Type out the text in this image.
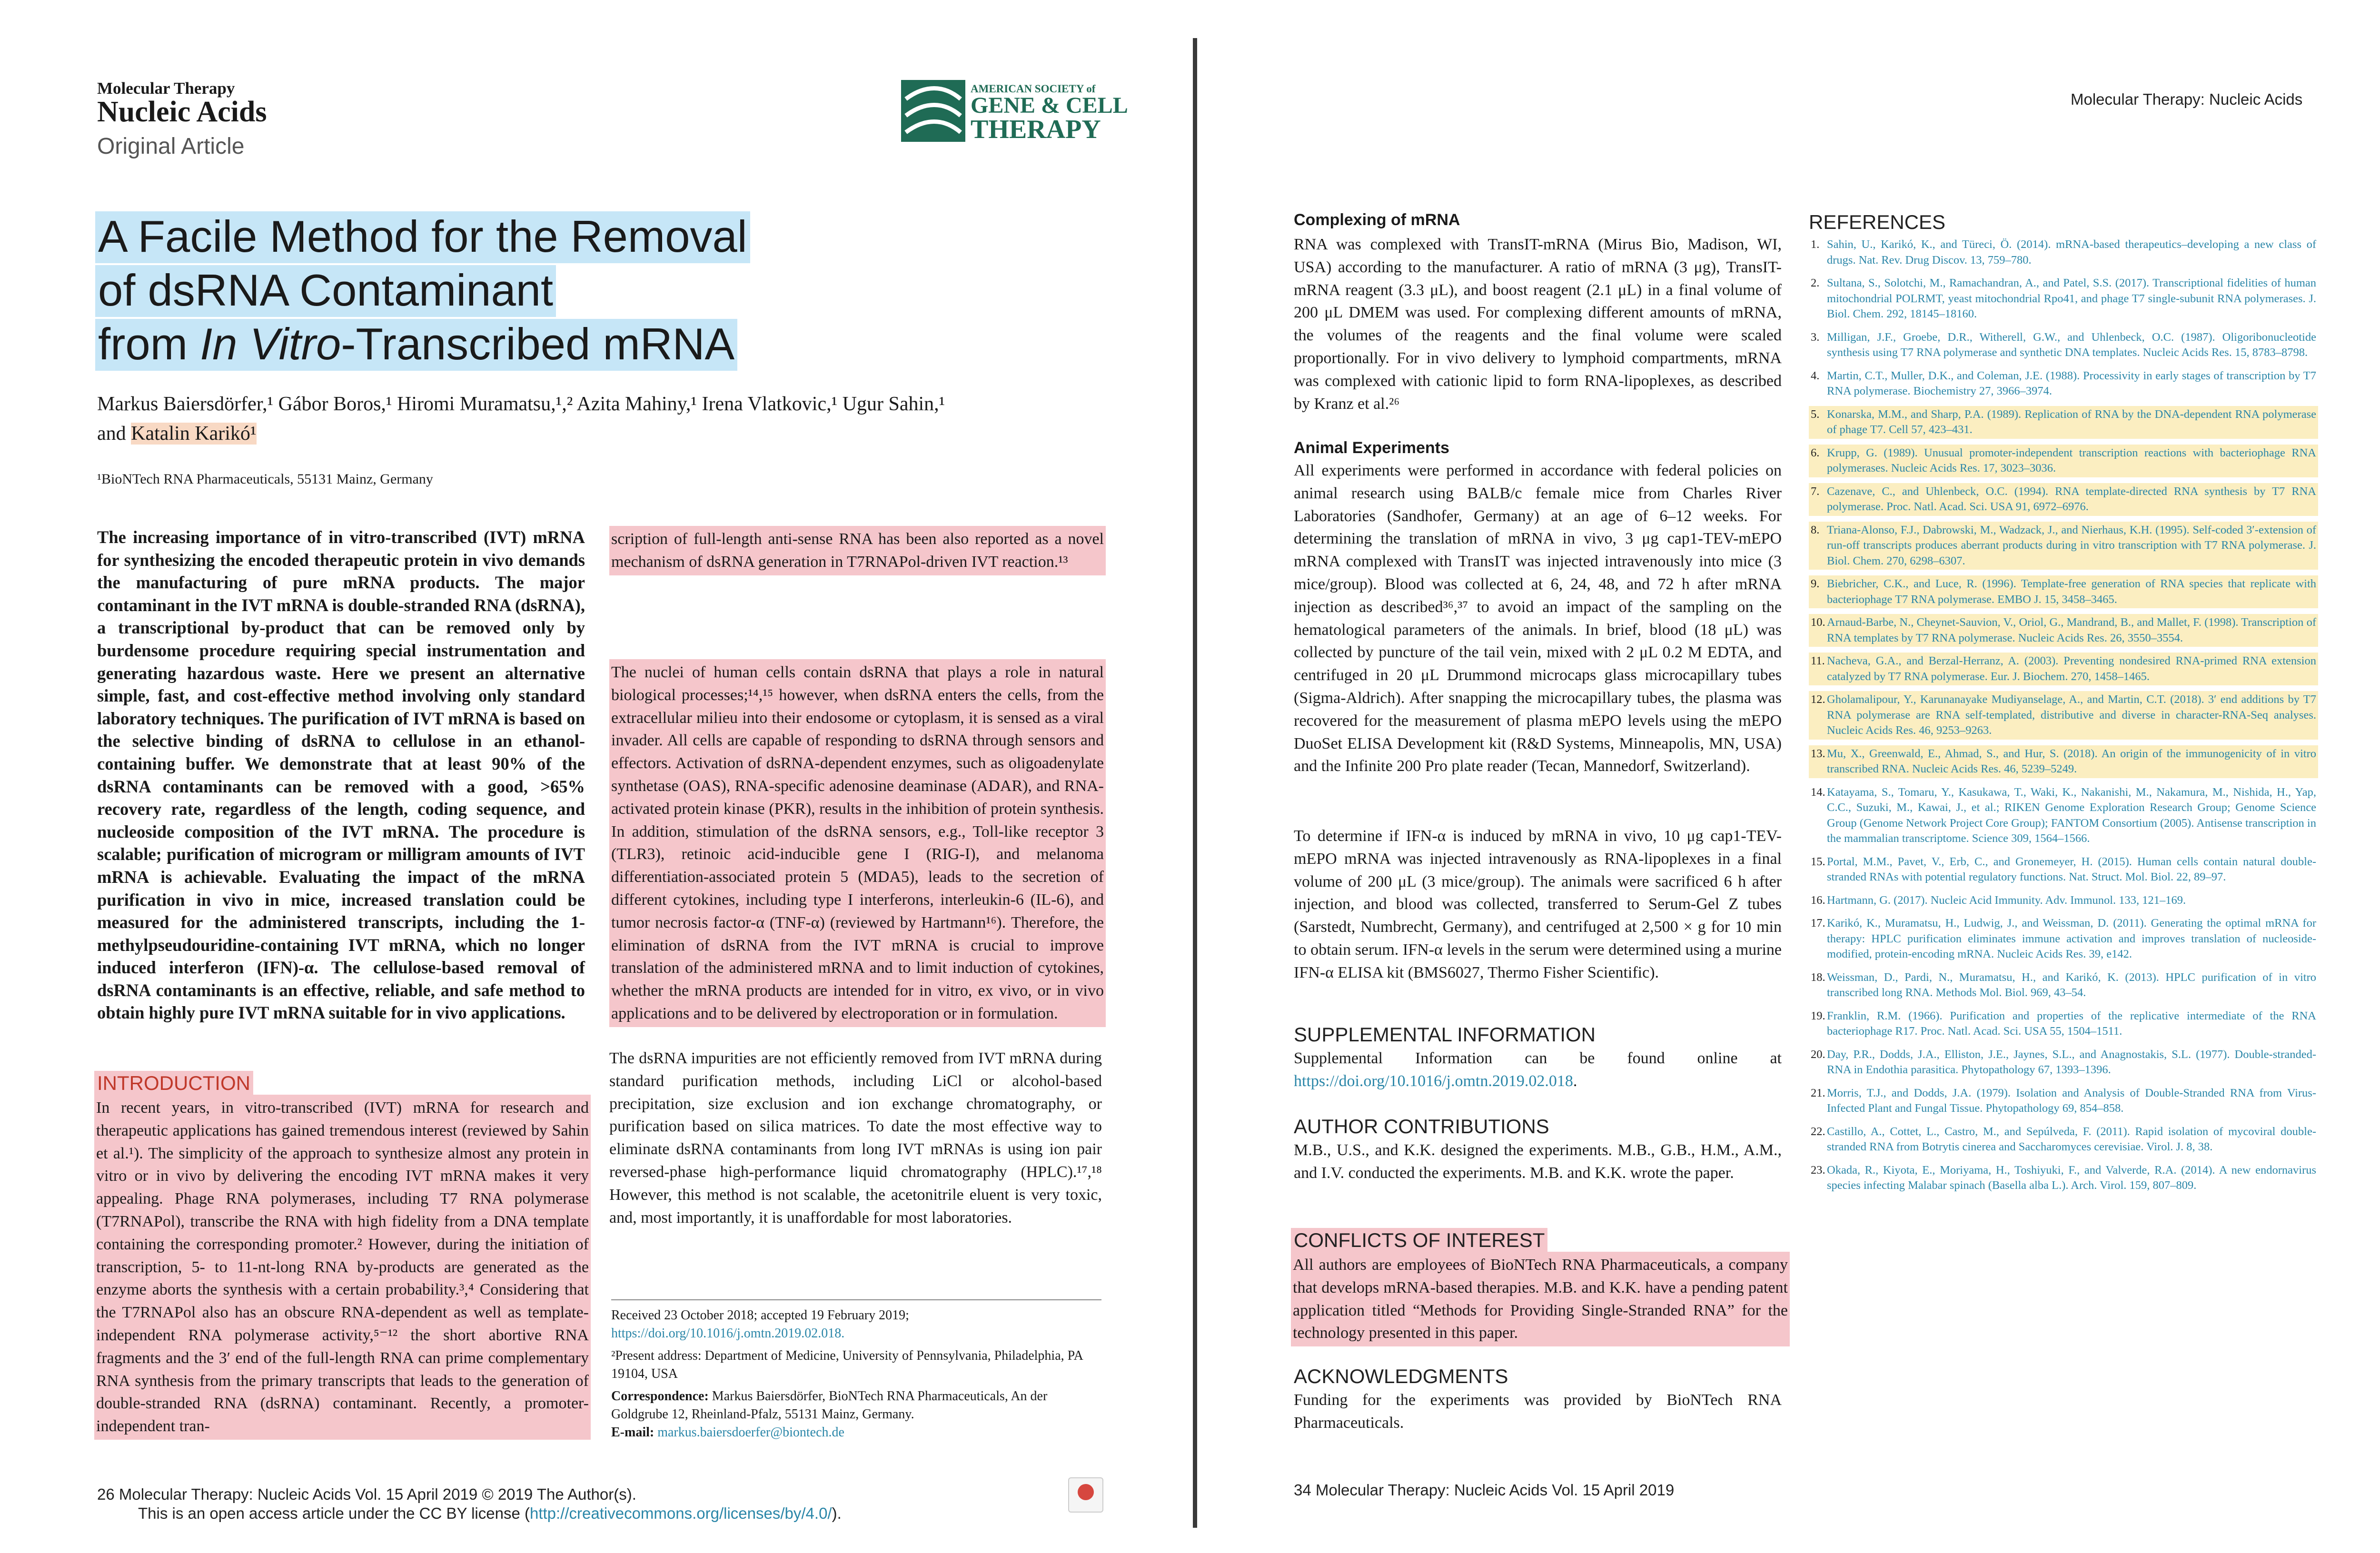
Molecular Therapy
Nucleic Acids
Original Article
AMERICAN SOCIETY of
GENE & CELL
THERAPY
A Facile Method for the Removal
of dsRNA Contaminant
from In Vitro-Transcribed mRNA
Markus Baiersdörfer,¹ Gábor Boros,¹ Hiromi Muramatsu,¹,² Azita Mahiny,¹ Irena Vlatkovic,¹ Ugur Sahin,¹
and Katalin Karikó¹
¹BioNTech RNA Pharmaceuticals, 55131 Mainz, Germany
The increasing importance of in vitro-transcribed (IVT) mRNA for synthesizing the encoded therapeutic protein in vivo demands the manufacturing of pure mRNA products. The major contaminant in the IVT mRNA is double-stranded RNA (dsRNA), a transcriptional by-product that can be removed only by burdensome procedure requiring special instrumentation and generating hazardous waste. Here we present an alternative simple, fast, and cost-effective method involving only standard laboratory techniques. The purification of IVT mRNA is based on the selective binding of dsRNA to cellulose in an ethanol-containing buffer. We demonstrate that at least 90% of the dsRNA contaminants can be removed with a good, >65% recovery rate, regardless of the length, coding sequence, and nucleoside composition of the IVT mRNA. The procedure is scalable; purification of microgram or milligram amounts of IVT mRNA is achievable. Evaluating the impact of the mRNA purification in vivo in mice, increased translation could be measured for the administered transcripts, including the 1-methylpseudouridine-containing IVT mRNA, which no longer induced interferon (IFN)-α. The cellulose-based removal of dsRNA contaminants is an effective, reliable, and safe method to obtain highly pure IVT mRNA suitable for in vivo applications.
INTRODUCTION
In recent years, in vitro-transcribed (IVT) mRNA for research and therapeutic applications has gained tremendous interest (reviewed by Sahin et al.¹). The simplicity of the approach to synthesize almost any protein in vitro or in vivo by delivering the encoding IVT mRNA makes it very appealing. Phage RNA polymerases, including T7 RNA polymerase (T7RNAPol), transcribe the RNA with high fidelity from a DNA template containing the corresponding promoter.² However, during the initiation of transcription, 5- to 11-nt-long RNA by-products are generated as the enzyme aborts the synthesis with a certain probability.³,⁴ Considering that the T7RNAPol also has an obscure RNA-dependent as well as template-independent RNA polymerase activity,⁵⁻¹² the short abortive RNA fragments and the 3′ end of the full-length RNA can prime complementary RNA synthesis from the primary transcripts that leads to the generation of double-stranded RNA (dsRNA) contaminant. Recently, a promoter-independent tran-
scription of full-length anti-sense RNA has been also reported as a novel mechanism of dsRNA generation in T7RNAPol-driven IVT reaction.¹³
The nuclei of human cells contain dsRNA that plays a role in natural biological processes;¹⁴,¹⁵ however, when dsRNA enters the cells, from the extracellular milieu into their endosome or cytoplasm, it is sensed as a viral invader. All cells are capable of responding to dsRNA through sensors and effectors. Activation of dsRNA-dependent enzymes, such as oligoadenylate synthetase (OAS), RNA-specific adenosine deaminase (ADAR), and RNA-activated protein kinase (PKR), results in the inhibition of protein synthesis. In addition, stimulation of the dsRNA sensors, e.g., Toll-like receptor 3 (TLR3), retinoic acid-inducible gene I (RIG-I), and melanoma differentiation-associated protein 5 (MDA5), leads to the secretion of different cytokines, including type I interferons, interleukin-6 (IL-6), and tumor necrosis factor-α (TNF-α) (reviewed by Hartmann¹⁶). Therefore, the elimination of dsRNA from the IVT mRNA is crucial to improve translation of the administered mRNA and to limit induction of cytokines, whether the mRNA products are intended for in vitro, ex vivo, or in vivo applications and to be delivered by electroporation or in formulation.
The dsRNA impurities are not efficiently removed from IVT mRNA during standard purification methods, including LiCl or alcohol-based precipitation, size exclusion and ion exchange chromatography, or purification based on silica matrices. To date the most effective way to eliminate dsRNA contaminants from long IVT mRNAs is using ion pair reversed-phase high-performance liquid chromatography (HPLC).¹⁷,¹⁸ However, this method is not scalable, the acetonitrile eluent is very toxic, and, most importantly, it is unaffordable for most laboratories.
Received 23 October 2018; accepted 19 February 2019;
https://doi.org/10.1016/j.omtn.2019.02.018.
²Present address: Department of Medicine, University of Pennsylvania, Philadelphia, PA 19104, USA
Correspondence: Markus Baiersdörfer, BioNTech RNA Pharmaceuticals, An der Goldgrube 12, Rheinland-Pfalz, 55131 Mainz, Germany.
E-mail: markus.baiersdoerfer@biontech.de
26 Molecular Therapy: Nucleic Acids Vol. 15 April 2019 © 2019 The Author(s).
This is an open access article under the CC BY license (http://creativecommons.org/licenses/by/4.0/).
Molecular Therapy: Nucleic Acids
Complexing of mRNA
RNA was complexed with TransIT-mRNA (Mirus Bio, Madison, WI, USA) according to the manufacturer. A ratio of mRNA (3 μg), TransIT-mRNA reagent (3.3 μL), and boost reagent (2.1 μL) in a final volume of 200 μL DMEM was used. For complexing different amounts of mRNA, the volumes of the reagents and the final volume were scaled proportionally. For in vivo delivery to lymphoid compartments, mRNA was complexed with cationic lipid to form RNA-lipoplexes, as described by Kranz et al.²⁶
Animal Experiments
All experiments were performed in accordance with federal policies on animal research using BALB/c female mice from Charles River Laboratories (Sandhofer, Germany) at an age of 6–12 weeks. For determining the translation of mRNA in vivo, 3 μg cap1-TEV-mEPO mRNA complexed with TransIT was injected intravenously into mice (3 mice/group). Blood was collected at 6, 24, 48, and 72 h after mRNA injection as described³⁶,³⁷ to avoid an impact of the sampling on the hematological parameters of the animals. In brief, blood (18 μL) was collected by puncture of the tail vein, mixed with 2 μL 0.2 M EDTA, and centrifuged in 20 μL Drummond microcaps glass microcapillary tubes (Sigma-Aldrich). After snapping the microcapillary tubes, the plasma was recovered for the measurement of plasma mEPO levels using the mEPO DuoSet ELISA Development kit (R&D Systems, Minneapolis, MN, USA) and the Infinite 200 Pro plate reader (Tecan, Mannedorf, Switzerland).
To determine if IFN-α is induced by mRNA in vivo, 10 μg cap1-TEV-mEPO mRNA was injected intravenously as RNA-lipoplexes in a final volume of 200 μL (3 mice/group). The animals were sacrificed 6 h after injection, and blood was collected, transferred to Serum-Gel Z tubes (Sarstedt, Numbrecht, Germany), and centrifuged at 2,500 × g for 10 min to obtain serum. IFN-α levels in the serum were determined using a murine IFN-α ELISA kit (BMS6027, Thermo Fisher Scientific).
SUPPLEMENTAL INFORMATION
Supplemental Information can be found online at https://doi.org/10.1016/j.omtn.2019.02.018.
AUTHOR CONTRIBUTIONS
M.B., U.S., and K.K. designed the experiments. M.B., G.B., H.M., A.M., and I.V. conducted the experiments. M.B. and K.K. wrote the paper.
CONFLICTS OF INTEREST
All authors are employees of BioNTech RNA Pharmaceuticals, a company that develops mRNA-based therapies. M.B. and K.K. have a pending patent application titled “Methods for Providing Single-Stranded RNA” for the technology presented in this paper.
ACKNOWLEDGMENTS
Funding for the experiments was provided by BioNTech RNA Pharmaceuticals.
34 Molecular Therapy: Nucleic Acids Vol. 15 April 2019
REFERENCES
1. Sahin, U., Karikó, K., and Türeci, Ö. (2014). mRNA-based therapeutics–developing a new class of drugs. Nat. Rev. Drug Discov. 13, 759–780.
2. Sultana, S., Solotchi, M., Ramachandran, A., and Patel, S.S. (2017). Transcriptional fidelities of human mitochondrial POLRMT, yeast mitochondrial Rpo41, and phage T7 single-subunit RNA polymerases. J. Biol. Chem. 292, 18145–18160.
3. Milligan, J.F., Groebe, D.R., Witherell, G.W., and Uhlenbeck, O.C. (1987). Oligoribonucleotide synthesis using T7 RNA polymerase and synthetic DNA templates. Nucleic Acids Res. 15, 8783–8798.
4. Martin, C.T., Muller, D.K., and Coleman, J.E. (1988). Processivity in early stages of transcription by T7 RNA polymerase. Biochemistry 27, 3966–3974.
5. Konarska, M.M., and Sharp, P.A. (1989). Replication of RNA by the DNA-dependent RNA polymerase of phage T7. Cell 57, 423–431.
6. Krupp, G. (1989). Unusual promoter-independent transcription reactions with bacteriophage RNA polymerases. Nucleic Acids Res. 17, 3023–3036.
7. Cazenave, C., and Uhlenbeck, O.C. (1994). RNA template-directed RNA synthesis by T7 RNA polymerase. Proc. Natl. Acad. Sci. USA 91, 6972–6976.
8. Triana-Alonso, F.J., Dabrowski, M., Wadzack, J., and Nierhaus, K.H. (1995). Self-coded 3′-extension of run-off transcripts produces aberrant products during in vitro transcription with T7 RNA polymerase. J. Biol. Chem. 270, 6298–6307.
9. Biebricher, C.K., and Luce, R. (1996). Template-free generation of RNA species that replicate with bacteriophage T7 RNA polymerase. EMBO J. 15, 3458–3465.
10. Arnaud-Barbe, N., Cheynet-Sauvion, V., Oriol, G., Mandrand, B., and Mallet, F. (1998). Transcription of RNA templates by T7 RNA polymerase. Nucleic Acids Res. 26, 3550–3554.
11. Nacheva, G.A., and Berzal-Herranz, A. (2003). Preventing nondesired RNA-primed RNA extension catalyzed by T7 RNA polymerase. Eur. J. Biochem. 270, 1458–1465.
12. Gholamalipour, Y., Karunanayake Mudiyanselage, A., and Martin, C.T. (2018). 3′ end additions by T7 RNA polymerase are RNA self-templated, distributive and diverse in character-RNA-Seq analyses. Nucleic Acids Res. 46, 9253–9263.
13. Mu, X., Greenwald, E., Ahmad, S., and Hur, S. (2018). An origin of the immunogenicity of in vitro transcribed RNA. Nucleic Acids Res. 46, 5239–5249.
14. Katayama, S., Tomaru, Y., Kasukawa, T., Waki, K., Nakanishi, M., Nakamura, M., Nishida, H., Yap, C.C., Suzuki, M., Kawai, J., et al.; RIKEN Genome Exploration Research Group; Genome Science Group (Genome Network Project Core Group); FANTOM Consortium (2005). Antisense transcription in the mammalian transcriptome. Science 309, 1564–1566.
15. Portal, M.M., Pavet, V., Erb, C., and Gronemeyer, H. (2015). Human cells contain natural double-stranded RNAs with potential regulatory functions. Nat. Struct. Mol. Biol. 22, 89–97.
16. Hartmann, G. (2017). Nucleic Acid Immunity. Adv. Immunol. 133, 121–169.
17. Karikó, K., Muramatsu, H., Ludwig, J., and Weissman, D. (2011). Generating the optimal mRNA for therapy: HPLC purification eliminates immune activation and improves translation of nucleoside-modified, protein-encoding mRNA. Nucleic Acids Res. 39, e142.
18. Weissman, D., Pardi, N., Muramatsu, H., and Karikó, K. (2013). HPLC purification of in vitro transcribed long RNA. Methods Mol. Biol. 969, 43–54.
19. Franklin, R.M. (1966). Purification and properties of the replicative intermediate of the RNA bacteriophage R17. Proc. Natl. Acad. Sci. USA 55, 1504–1511.
20. Day, P.R., Dodds, J.A., Elliston, J.E., Jaynes, S.L., and Anagnostakis, S.L. (1977). Double-stranded-RNA in Endothia parasitica. Phytopathology 67, 1393–1396.
21. Morris, T.J., and Dodds, J.A. (1979). Isolation and Analysis of Double-Stranded RNA from Virus-Infected Plant and Fungal Tissue. Phytopathology 69, 854–858.
22. Castillo, A., Cottet, L., Castro, M., and Sepúlveda, F. (2011). Rapid isolation of mycoviral double-stranded RNA from Botrytis cinerea and Saccharomyces cerevisiae. Virol. J. 8, 38.
23. Okada, R., Kiyota, E., Moriyama, H., Toshiyuki, F., and Valverde, R.A. (2014). A new endornavirus species infecting Malabar spinach (Basella alba L.). Arch. Virol. 159, 807–809.
